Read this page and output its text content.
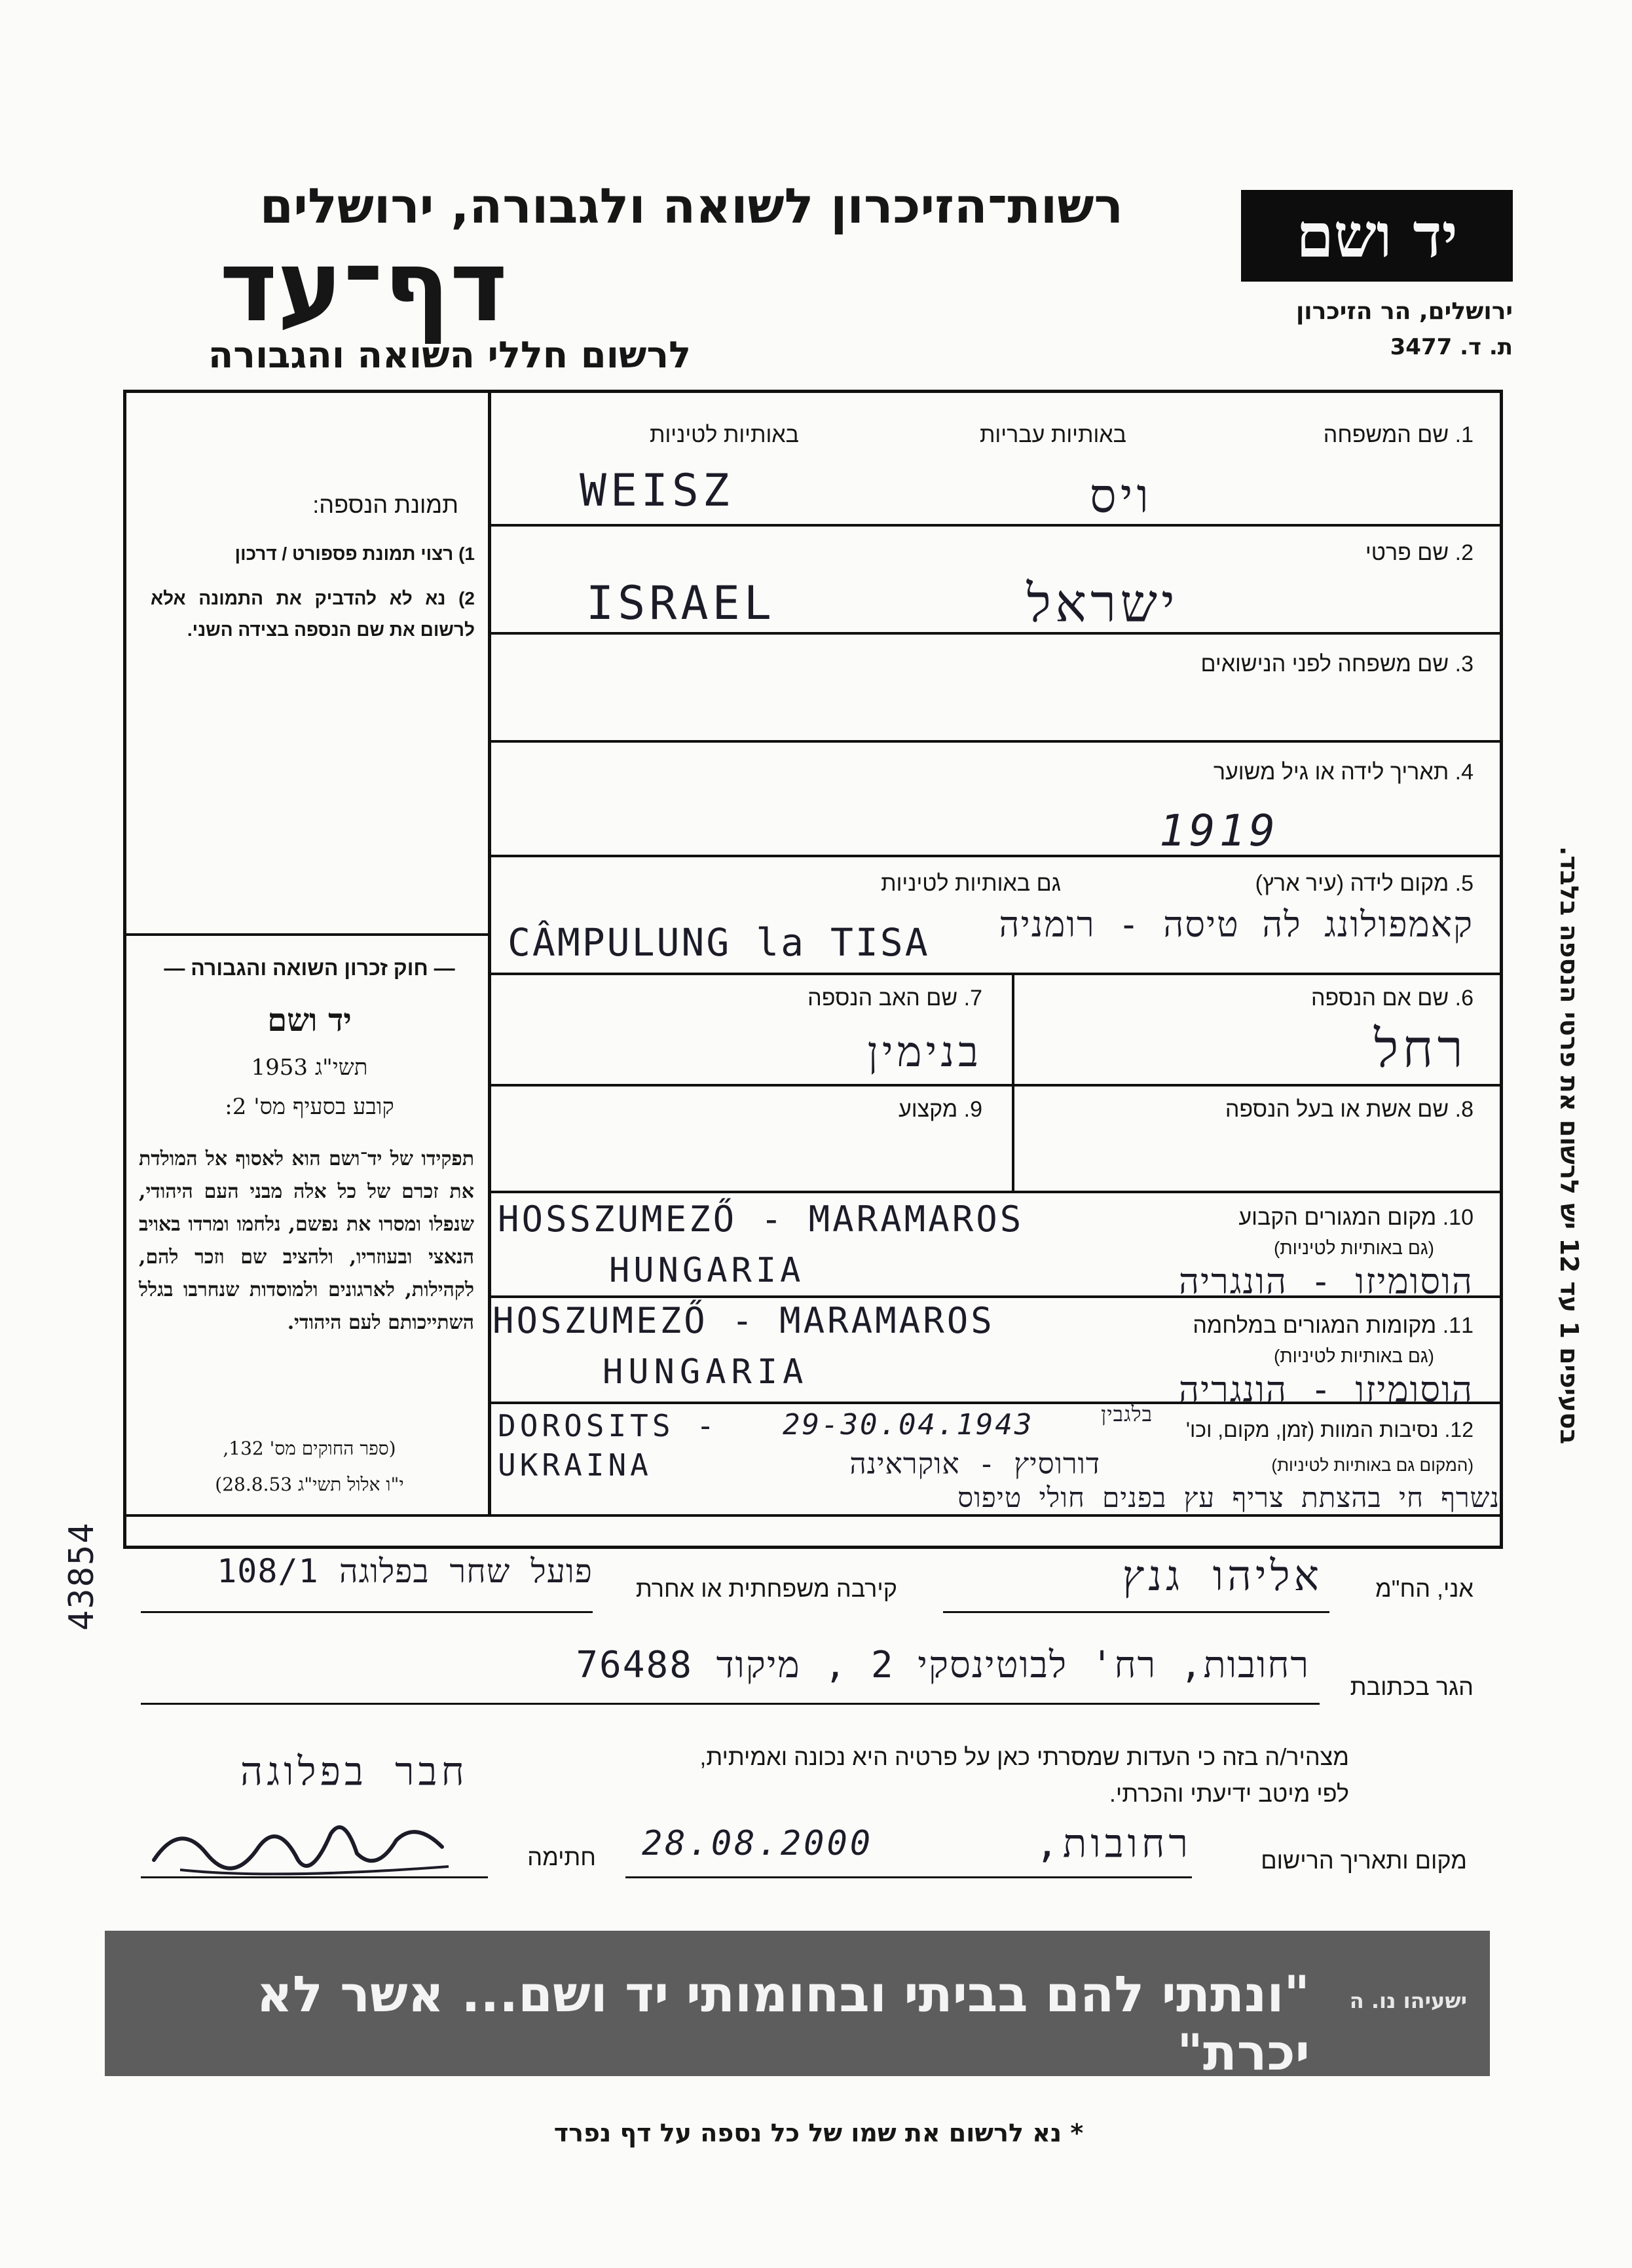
רשות־הזיכרון לשואה ולגבורה, ירושלים
דף־עד
לרשום חללי השואה והגבורה
יד ושם
ירושלים, הר הזיכרון
ת. ד. 3477
תמונת הנספה:
1) רצוי תמונת פספורט / דרכון
2) נא לא להדביק את התמונה אלא לרשום את שם הנספה בצידה השני.
— חוק זכרון השואה והגבורה —
יד ושם
תשי"ג 1953
קובע בסעיף מס' 2:
תפקידו של יד־ושם הוא לאסוף אל המולדת את זכרם של כל אלה מבני העם היהודי, שנפלו ומסרו את נפשם, נלחמו ומרדו באויב הנאצי ובעוזריו, ולהציב שם וזכר להם, לקהילות, לארגונים ולמוסדות שנחרבו בגלל השתייכותם לעם היהודי.
(ספר החוקים מס' 132,
י"ו אלול תשי"ג 28.8.53)
1. שם המשפחה
באותיות עבריות
באותיות לטיניות
WEISZ	ויס
2. שם פרטי
ISRAEL	ישראל
3. שם משפחה לפני הנישואים
4. תאריך לידה או גיל משוער
1919
5. מקום לידה (עיר ארץ)
גם באותיות לטיניות
CÂMPULUNG la TISA	קאמפולונג לה טיסה - רומניה
6. שם אם הנספה
רחל
7. שם האב הנספה
בנימין
8. שם אשת או בעל הנספה
9. מקצוע
10. מקום המגורים הקבוע
(גם באותיות לטיניות)
HOSSZUMEZŐ - MARAMAROS
HUNGARIA	הוסומיזו - הונגריה
11. מקומות המגורים במלחמה
(גם באותיות לטיניות)
HOSZUMEZŐ - MARAMAROS
HUNGARIA	הוסומיזו - הונגריה
12. נסיבות המוות (זמן, מקום, וכו'
(המקום גם באותיות לטיניות)
DOROSITS -
UKRAINA
29-30.04.1943	בלגבין
דורוסיץ - אוקראינה
נשרף חי בהצתת צריף עץ בפנים חולי טיפוס
אני, הח"מ
אליהו גנץ
קירבה משפחתית או אחרת
פועל שחר בפלוגה 108/1
הגר בכתובת
רחובות, רח' לבוטינסקי 2 , מיקוד 76488
מצהיר/ה בזה כי העדות שמסרתי כאן על פרטיה היא נכונה ואמיתית, לפי מיטב ידיעתי והכרתי.
חבר בפלוגה
מקום ותאריך הרישום
רחובות,
28.08.2000
חתימה
בסעיפים 1 עד 12 יש לרשום את פרטי הנספה בלבד.
43854
"ונתתי להם בביתי ובחומותי יד ושם... אשר לא יכרת"
ישעיהו נו. ה
* נא לרשום את שמו של כל נספה על דף נפרד
